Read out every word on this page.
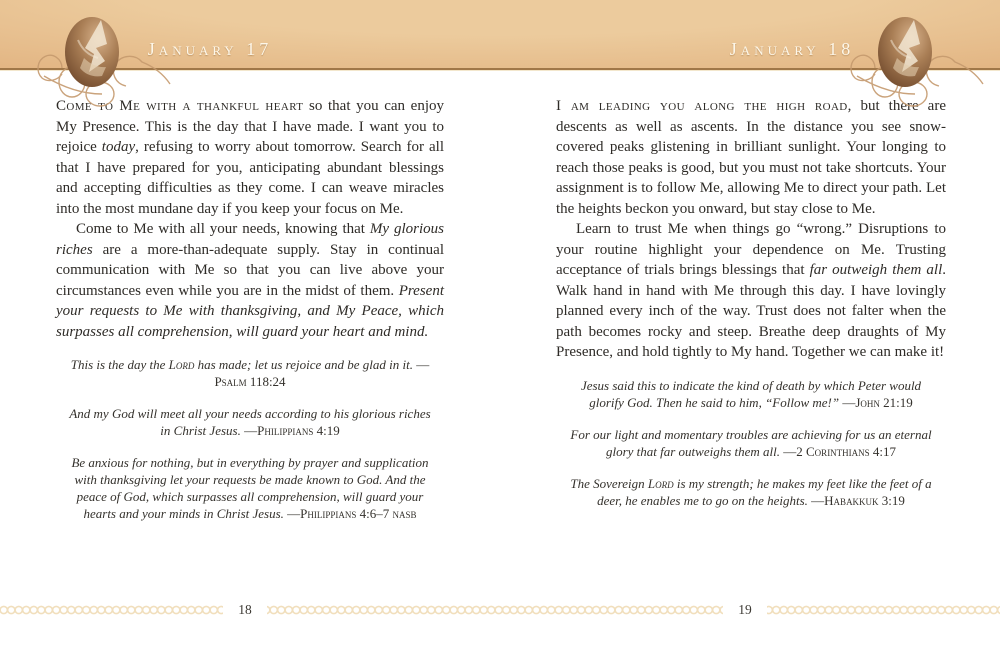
January 17	January 18

Come to Me with a thankful heart so that you can enjoy My Presence. This is the day that I have made. I want you to rejoice today, refusing to worry about tomorrow. Search for all that I have prepared for you, anticipating abundant blessings and accepting difficulties as they come. I can weave miracles into the most mundane day if you keep your focus on Me.

Come to Me with all your needs, knowing that My glorious riches are a more-than-adequate supply. Stay in continual communication with Me so that you can live above your circumstances even while you are in the midst of them. Present your requests to Me with thanksgiving, and My Peace, which surpasses all comprehension, will guard your heart and mind.

This is the day the Lord has made; let us rejoice and be glad in it. —Psalm 118:24

And my God will meet all your needs according to his glorious riches in Christ Jesus. —Philippians 4:19

Be anxious for nothing, but in everything by prayer and supplication with thanksgiving let your requests be made known to God. And the peace of God, which surpasses all comprehension, will guard your hearts and your minds in Christ Jesus. —Philippians 4:6–7 nasb

I am leading you along the high road, but there are descents as well as ascents. In the distance you see snow-covered peaks glistening in brilliant sunlight. Your longing to reach those peaks is good, but you must not take shortcuts. Your assignment is to follow Me, allowing Me to direct your path. Let the heights beckon you onward, but stay close to Me.

Learn to trust Me when things go “wrong.” Disruptions to your routine highlight your dependence on Me. Trusting acceptance of trials brings blessings that far outweigh them all. Walk hand in hand with Me through this day. I have lovingly planned every inch of the way. Trust does not falter when the path becomes rocky and steep. Breathe deep draughts of My Presence, and hold tightly to My hand. Together we can make it!

Jesus said this to indicate the kind of death by which Peter would glorify God. Then he said to him, “Follow me!” —John 21:19

For our light and momentary troubles are achieving for us an eternal glory that far outweighs them all. —2 Corinthians 4:17

The Sovereign Lord is my strength; he makes my feet like the feet of a deer, he enables me to go on the heights. —Habakkuk 3:19

18	19
